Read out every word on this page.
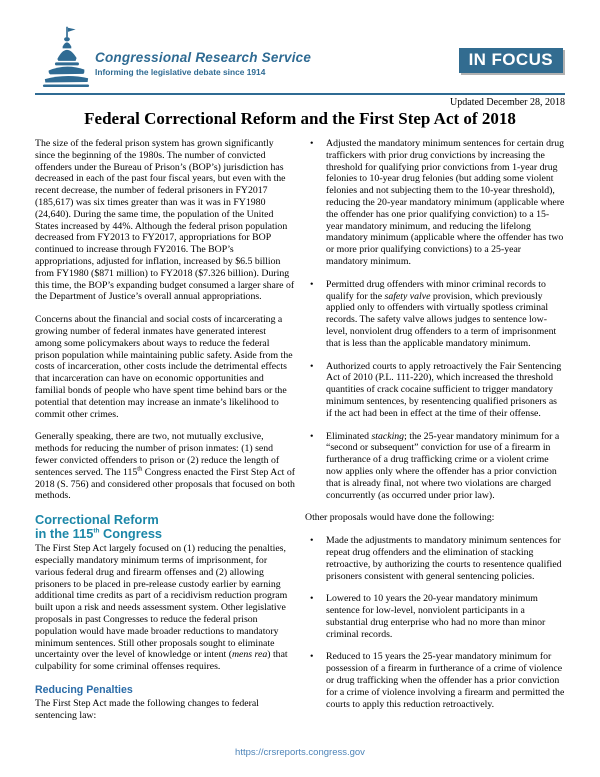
Congressional Research Service
Informing the legislative debate since 1914
IN FOCUS
Updated December 28, 2018
Federal Correctional Reform and the First Step Act of 2018
The size of the federal prison system has grown significantly since the beginning of the 1980s. The number of convicted offenders under the Bureau of Prison’s (BOP’s) jurisdiction has decreased in each of the past four fiscal years, but even with the recent decrease, the number of federal prisoners in FY2017 (185,617) was six times greater than was it was in FY1980 (24,640). During the same time, the population of the United States increased by 44%. Although the federal prison population decreased from FY2013 to FY2017, appropriations for BOP continued to increase through FY2016. The BOP’s appropriations, adjusted for inflation, increased by $6.5 billion from FY1980 ($871 million) to FY2018 ($7.326 billion). During this time, the BOP’s expanding budget consumed a larger share of the Department of Justice’s overall annual appropriations.
Concerns about the financial and social costs of incarcerating a growing number of federal inmates have generated interest among some policymakers about ways to reduce the federal prison population while maintaining public safety. Aside from the costs of incarceration, other costs include the detrimental effects that incarceration can have on economic opportunities and familial bonds of people who have spent time behind bars or the potential that detention may increase an inmate’s likelihood to commit other crimes.
Generally speaking, there are two, not mutually exclusive, methods for reducing the number of prison inmates: (1) send fewer convicted offenders to prison or (2) reduce the length of sentences served. The 115th Congress enacted the First Step Act of 2018 (S. 756) and considered other proposals that focused on both methods.
Correctional Reform
in the 115th Congress
The First Step Act largely focused on (1) reducing the penalties, especially mandatory minimum terms of imprisonment, for various federal drug and firearm offenses and (2) allowing prisoners to be placed in pre-release custody earlier by earning additional time credits as part of a recidivism reduction program built upon a risk and needs assessment system. Other legislative proposals in past Congresses to reduce the federal prison population would have made broader reductions to mandatory minimum sentences. Still other proposals sought to eliminate uncertainty over the level of knowledge or intent (mens rea) that culpability for some criminal offenses requires.
Reducing Penalties
The First Step Act made the following changes to federal sentencing law:
•	Adjusted the mandatory minimum sentences for certain drug traffickers with prior drug convictions by increasing the threshold for qualifying prior convictions from 1-year drug felonies to 10-year drug felonies (but adding some violent felonies and not subjecting them to the 10-year threshold), reducing the 20-year mandatory minimum (applicable where the offender has one prior qualifying conviction) to a 15-year mandatory minimum, and reducing the lifelong mandatory minimum (applicable where the offender has two or more prior qualifying convictions) to a 25-year mandatory minimum.
•	Permitted drug offenders with minor criminal records to qualify for the safety valve provision, which previously applied only to offenders with virtually spotless criminal records. The safety valve allows judges to sentence low-level, nonviolent drug offenders to a term of imprisonment that is less than the applicable mandatory minimum.
•	Authorized courts to apply retroactively the Fair Sentencing Act of 2010 (P.L. 111-220), which increased the threshold quantities of crack cocaine sufficient to trigger mandatory minimum sentences, by resentencing qualified prisoners as if the act had been in effect at the time of their offense.
•	Eliminated stacking; the 25-year mandatory minimum for a “second or subsequent” conviction for use of a firearm in furtherance of a drug trafficking crime or a violent crime now applies only where the offender has a prior conviction that is already final, not where two violations are charged concurrently (as occurred under prior law).
Other proposals would have done the following:
•	Made the adjustments to mandatory minimum sentences for repeat drug offenders and the elimination of stacking retroactive, by authorizing the courts to resentence qualified prisoners consistent with general sentencing policies.
•	Lowered to 10 years the 20-year mandatory minimum sentence for low-level, nonviolent participants in a substantial drug enterprise who had no more than minor criminal records.
•	Reduced to 15 years the 25-year mandatory minimum for possession of a firearm in furtherance of a crime of violence or drug trafficking when the offender has a prior conviction for a crime of violence involving a firearm and permitted the courts to apply this reduction retroactively.
https://crsreports.congress.gov
